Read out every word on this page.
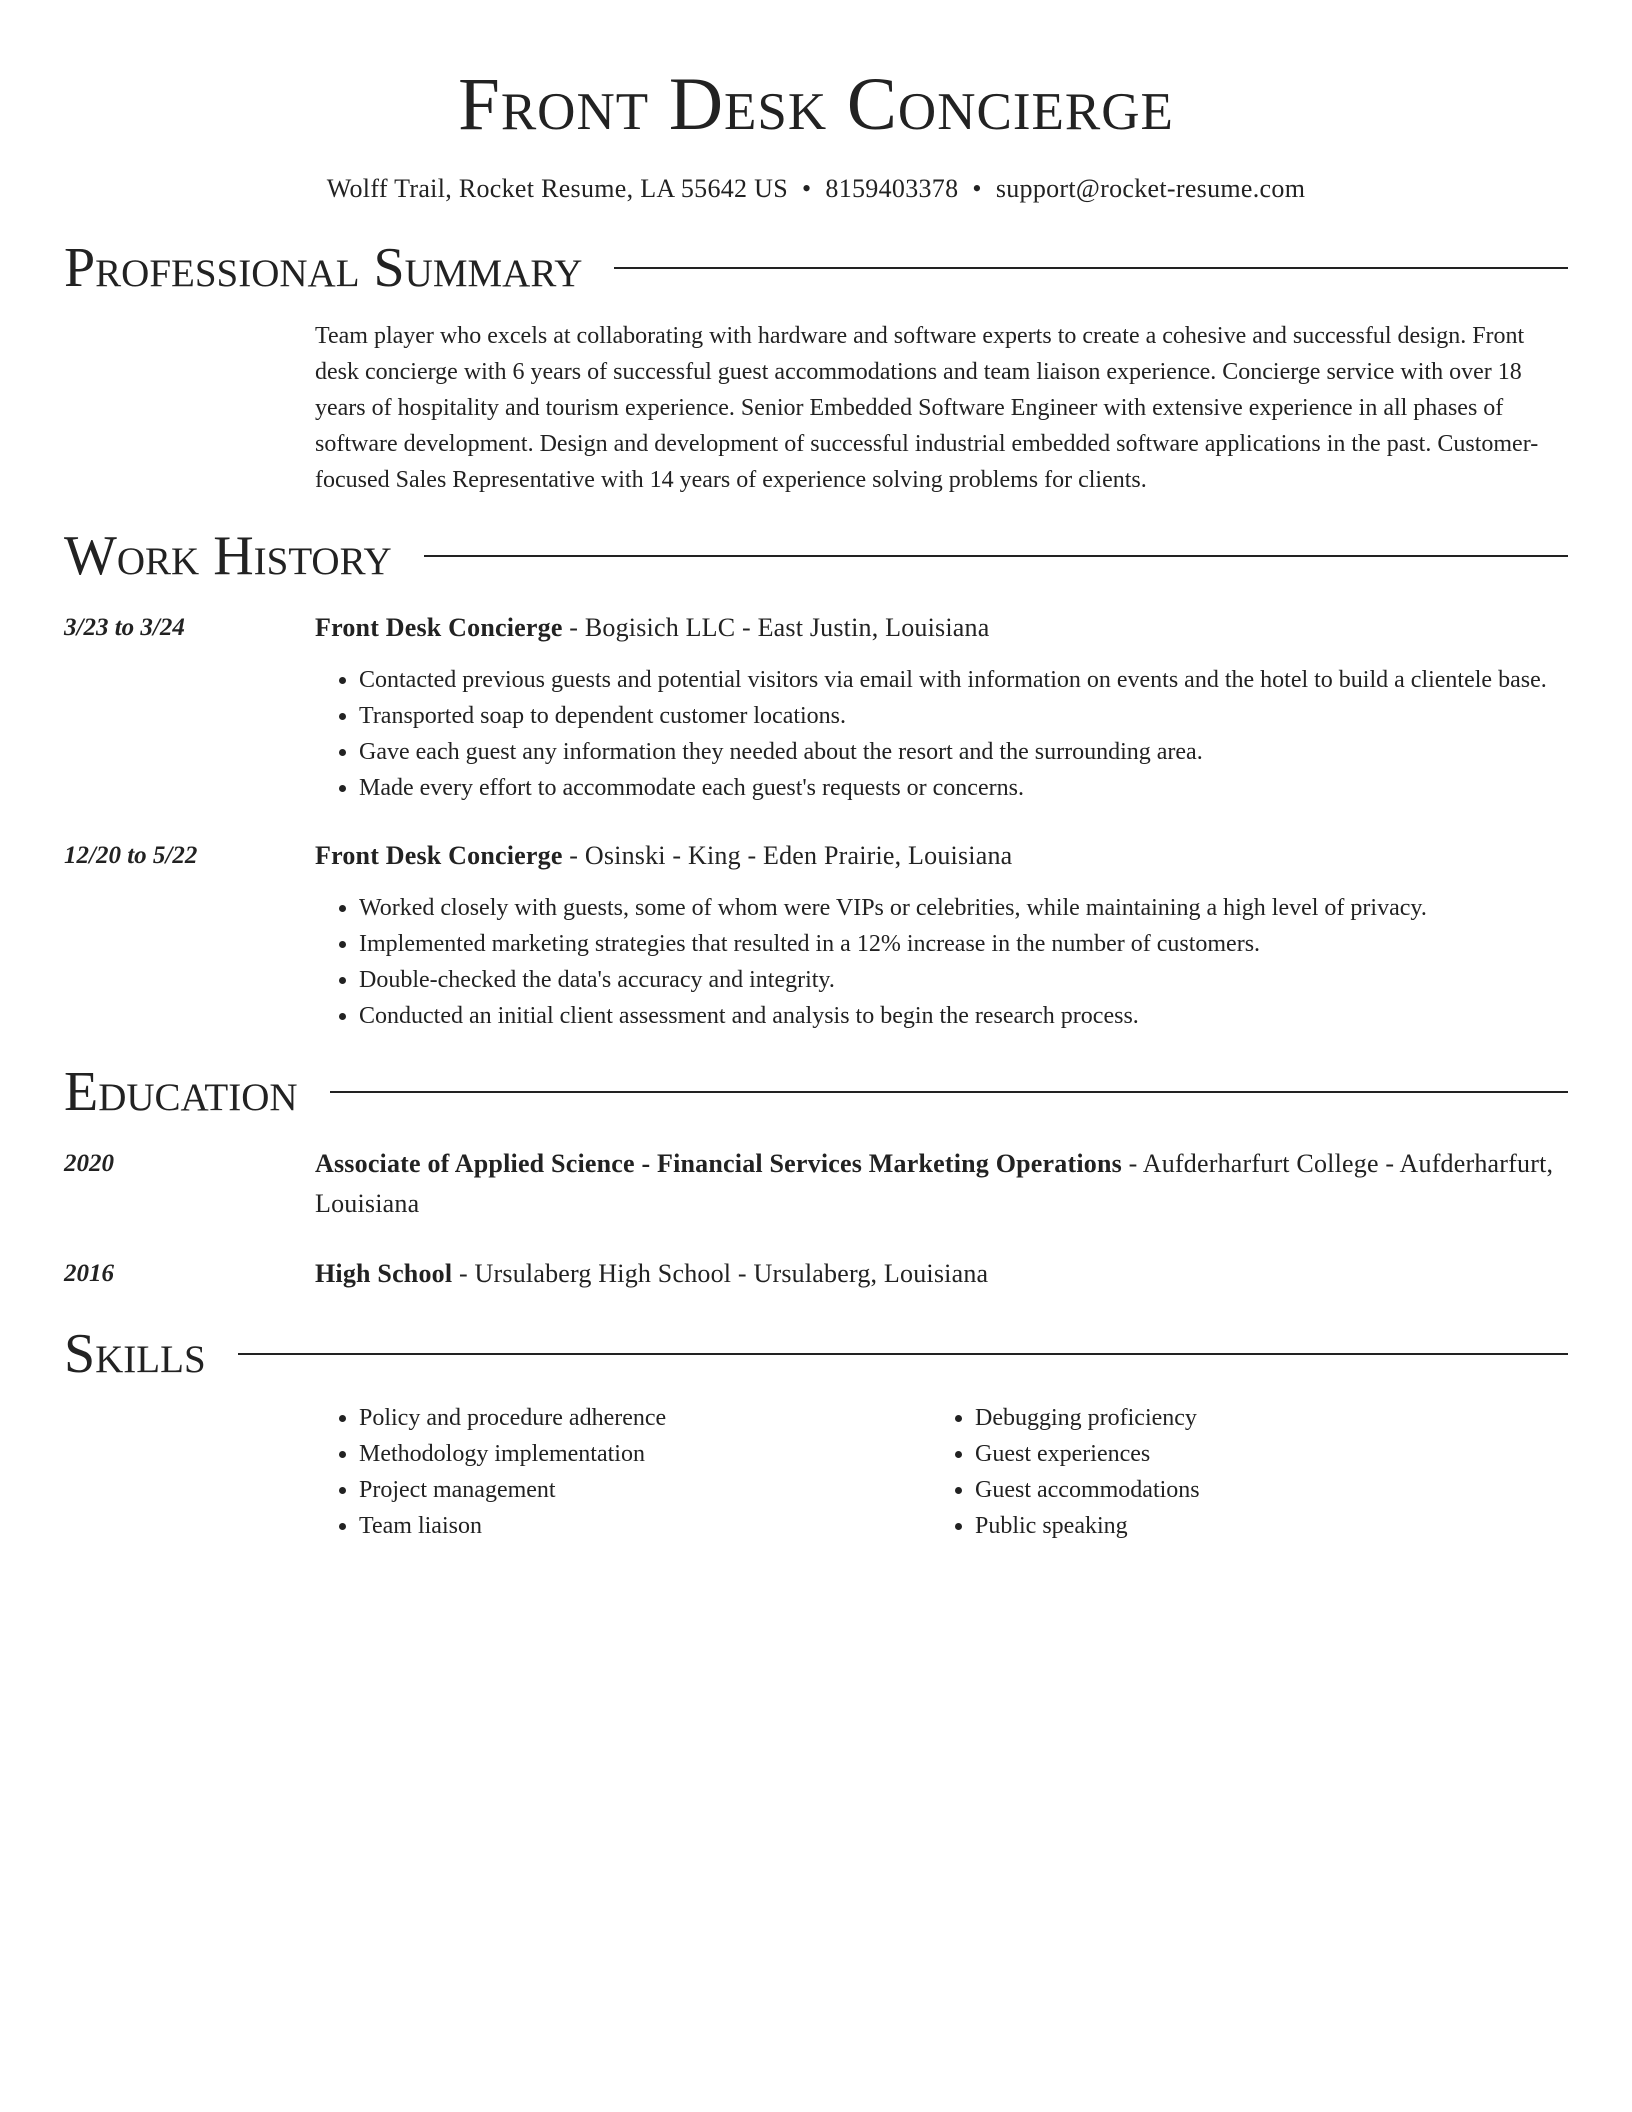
Front Desk Concierge
Wolff Trail, Rocket Resume, LA 55642 US • 8159403378 • support@rocket-resume.com
Professional Summary
Team player who excels at collaborating with hardware and software experts to create a cohesive and successful design. Front desk concierge with 6 years of successful guest accommodations and team liaison experience. Concierge service with over 18 years of hospitality and tourism experience. Senior Embedded Software Engineer with extensive experience in all phases of software development. Design and development of successful industrial embedded software applications in the past. Customer-focused Sales Representative with 14 years of experience solving problems for clients.
Work History
3/23 to 3/24	Front Desk Concierge - Bogisich LLC - East Justin, Louisiana
• Contacted previous guests and potential visitors via email with information on events and the hotel to build a clientele base.
• Transported soap to dependent customer locations.
• Gave each guest any information they needed about the resort and the surrounding area.
• Made every effort to accommodate each guest's requests or concerns.
12/20 to 5/22	Front Desk Concierge - Osinski - King - Eden Prairie, Louisiana
• Worked closely with guests, some of whom were VIPs or celebrities, while maintaining a high level of privacy.
• Implemented marketing strategies that resulted in a 12% increase in the number of customers.
• Double-checked the data's accuracy and integrity.
• Conducted an initial client assessment and analysis to begin the research process.
Education
2020	Associate of Applied Science - Financial Services Marketing Operations - Aufderharfurt College - Aufderharfurt, Louisiana
2016	High School - Ursulaberg High School - Ursulaberg, Louisiana
Skills
• Policy and procedure adherence
• Methodology implementation
• Project management
• Team liaison
• Debugging proficiency
• Guest experiences
• Guest accommodations
• Public speaking
